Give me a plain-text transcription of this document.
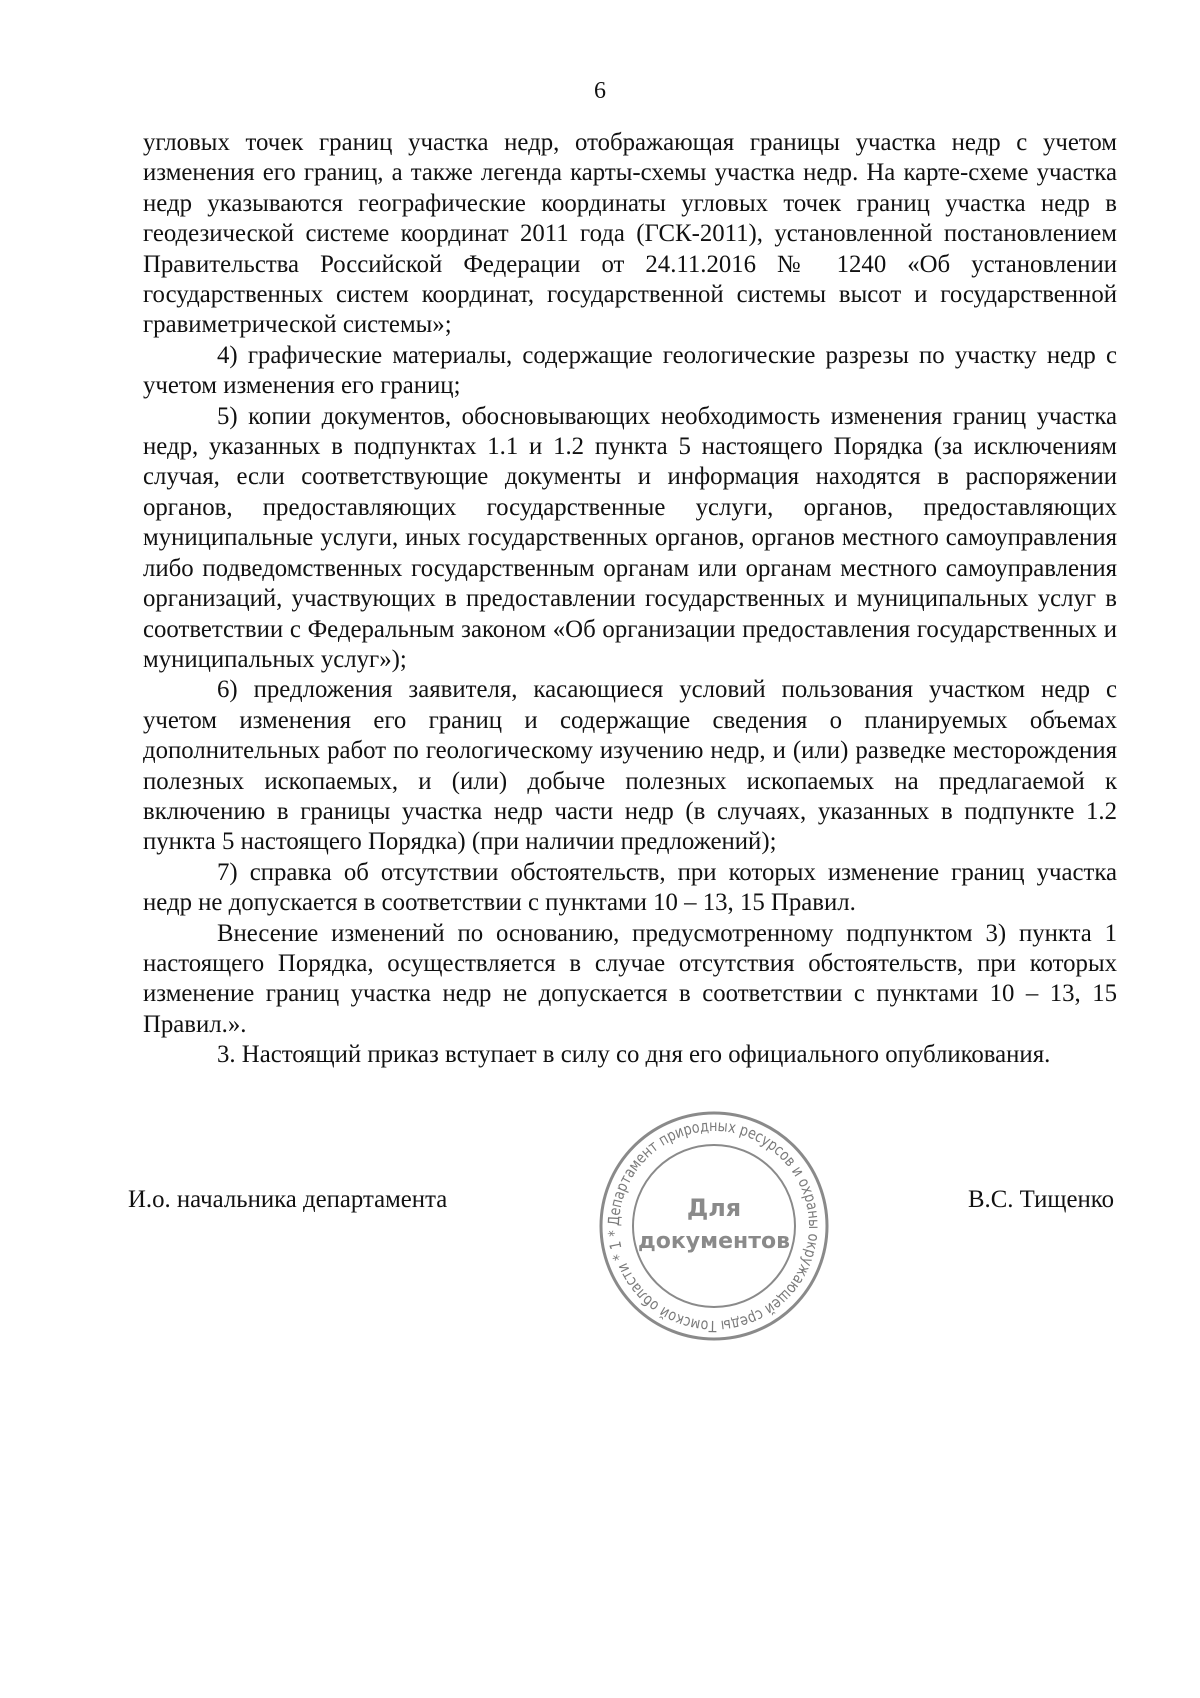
6

угловых точек границ участка недр, отображающая границы участка недр с учетом изменения его границ, а также легенда карты-схемы участка недр. На карте-схеме участка недр указываются географические координаты угловых точек границ участка недр в геодезической системе координат 2011 года (ГСК-2011), установленной постановлением Правительства Российской Федерации от 24.11.2016 № 1240 «Об установлении государственных систем координат, государственной системы высот и государственной гравиметрической системы»;

4) графические материалы, содержащие геологические разрезы по участку недр с учетом изменения его границ;

5) копии документов, обосновывающих необходимость изменения границ участка недр, указанных в подпунктах 1.1 и 1.2 пункта 5 настоящего Порядка (за исключениям случая, если соответствующие документы и информация находятся в распоряжении органов, предоставляющих государственные услуги, органов, предоставляющих муниципальные услуги, иных государственных органов, органов местного самоуправления либо подведомственных государственным органам или органам местного самоуправления организаций, участвующих в предоставлении государственных и муниципальных услуг в соответствии с Федеральным законом «Об организации предоставления государственных и муниципальных услуг»);

6) предложения заявителя, касающиеся условий пользования участком недр с учетом изменения его границ и содержащие сведения о планируемых объемах дополнительных работ по геологическому изучению недр, и (или) разведке месторождения полезных ископаемых, и (или) добыче полезных ископаемых на предлагаемой к включению в границы участка недр части недр (в случаях, указанных в подпункте 1.2 пункта 5 настоящего Порядка) (при наличии предложений);

7) справка об отсутствии обстоятельств, при которых изменение границ участка недр не допускается в соответствии с пунктами 10 – 13, 15 Правил.

Внесение изменений по основанию, предусмотренному подпунктом 3) пункта 1 настоящего Порядка, осуществляется в случае отсутствия обстоятельств, при которых изменение границ участка недр не допускается в соответствии с пунктами 10 – 13, 15 Правил.».

3. Настоящий приказ вступает в силу со дня его официального опубликования.

И.о. начальника департамента	В.С. Тищенко
Департамент природных ресурсов и охраны окружающей среды Томской области * 1 *
Для
документов
